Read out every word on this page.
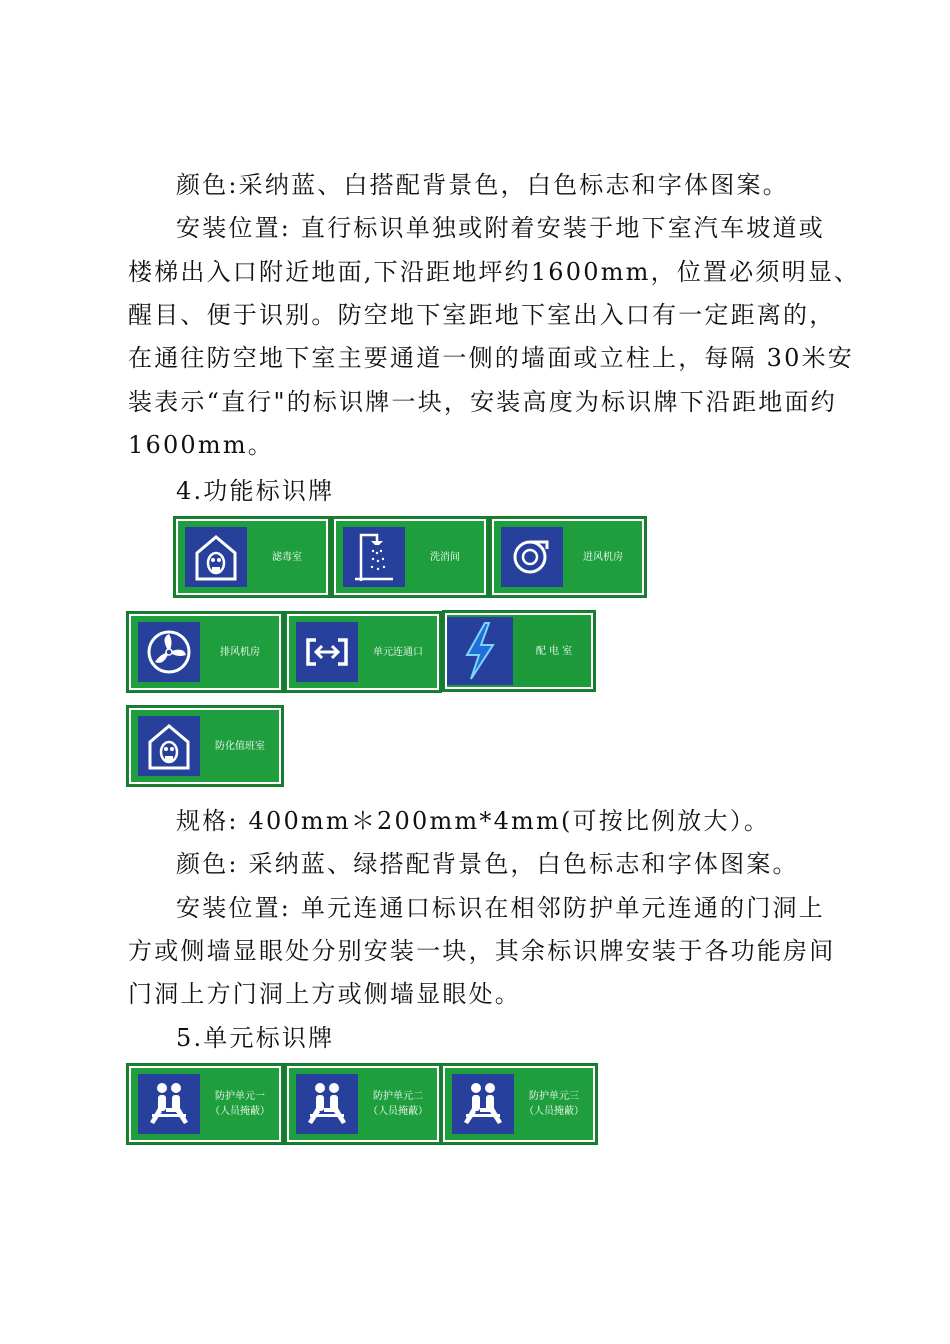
颜色:采纳蓝、白搭配背景色，白色标志和字体图案。
安装位置: 直行标识单独或附着安装于地下室汽车坡道或
楼梯出入口附近地面,下沿距地坪约1600mm，位置必须明显、
醒目、便于识别。防空地下室距地下室出入口有一定距离的，
在通往防空地下室主要通道一侧的墙面或立柱上，每隔 30米安
装表示“直行"的标识牌一块，安装高度为标识牌下沿距地面约
1600mm。
4.功能标识牌
滤毒室	洗消间	进风机房
排风机房	单元连通口	配 电 室
防化值班室
规格: 400mm＊200mm*4mm(可按比例放大）。
颜色: 采纳蓝、绿搭配背景色，白色标志和字体图案。
安装位置: 单元连通口标识在相邻防护单元连通的门洞上
方或侧墙显眼处分别安装一块，其余标识牌安装于各功能房间
门洞上方门洞上方或侧墙显眼处。
5.单元标识牌
防护单元一
（人员掩蔽）
防护单元二
（人员掩蔽）
防护单元三
（人员掩蔽）
